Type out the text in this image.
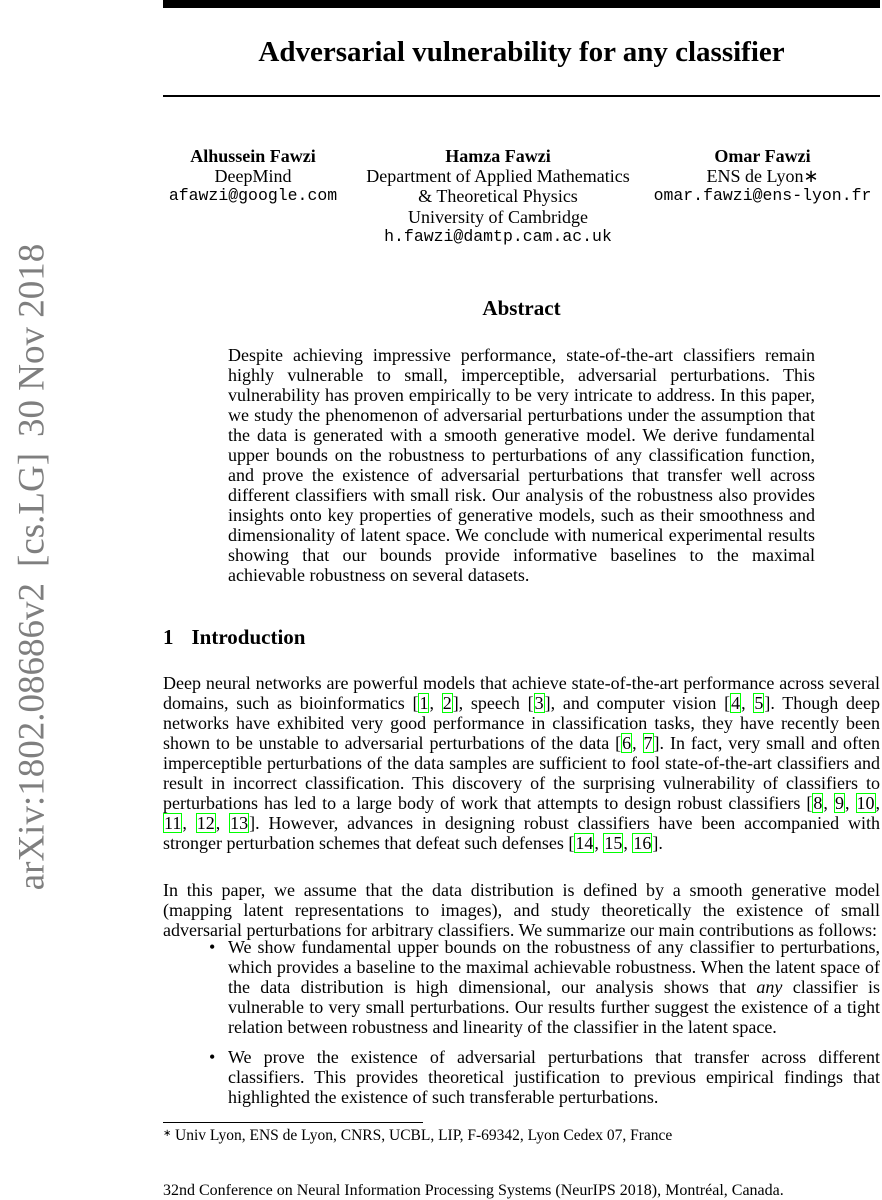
arXiv:1802.08686v2[cs.LG]30 Nov 2018
Adversarial vulnerability for any classifier
Alhussein Fawzi
DeepMind
afawzi@google.com
Hamza Fawzi
Department of Applied Mathematics
& Theoretical Physics
University of Cambridge
h.fawzi@damtp.cam.ac.uk
Omar Fawzi
ENS de Lyon∗
omar.fawzi@ens-lyon.fr
Abstract
Despite achieving impressive performance, state-of-the-art classifiers remain highly vulnerable to small, imperceptible, adversarial perturbations. This vulnerability has proven empirically to be very intricate to address. In this paper, we study the phenomenon of adversarial perturbations under the assumption that the data is generated with a smooth generative model. We derive fundamental upper bounds on the robustness to perturbations of any classification function, and prove the existence of adversarial perturbations that transfer well across different classifiers with small risk. Our analysis of the robustness also provides insights onto key properties of generative models, such as their smoothness and dimensionality of latent space. We conclude with numerical experimental results showing that our bounds provide informative baselines to the maximal achievable robustness on several datasets.
1 Introduction
Deep neural networks are powerful models that achieve state-of-the-art performance across several domains, such as bioinformatics [1, 2], speech [3], and computer vision [4, 5]. Though deep networks have exhibited very good performance in classification tasks, they have recently been shown to be unstable to adversarial perturbations of the data [6, 7]. In fact, very small and often imperceptible perturbations of the data samples are sufficient to fool state-of-the-art classifiers and result in incorrect classification. This discovery of the surprising vulnerability of classifiers to perturbations has led to a large body of work that attempts to design robust classifiers [8, 9, 10, 11, 12, 13]. However, advances in designing robust classifiers have been accompanied with stronger perturbation schemes that defeat such defenses [14, 15, 16].
In this paper, we assume that the data distribution is defined by a smooth generative model (mapping latent representations to images), and study theoretically the existence of small adversarial perturbations for arbitrary classifiers. We summarize our main contributions as follows:
• We show fundamental upper bounds on the robustness of any classifier to perturbations, which provides a baseline to the maximal achievable robustness. When the latent space of the data distribution is high dimensional, our analysis shows that any classifier is vulnerable to very small perturbations. Our results further suggest the existence of a tight relation between robustness and linearity of the classifier in the latent space.
• We prove the existence of adversarial perturbations that transfer across different classifiers. This provides theoretical justification to previous empirical findings that highlighted the existence of such transferable perturbations.
∗ Univ Lyon, ENS de Lyon, CNRS, UCBL, LIP, F-69342, Lyon Cedex 07, France
32nd Conference on Neural Information Processing Systems (NeurIPS 2018), Montréal, Canada.
